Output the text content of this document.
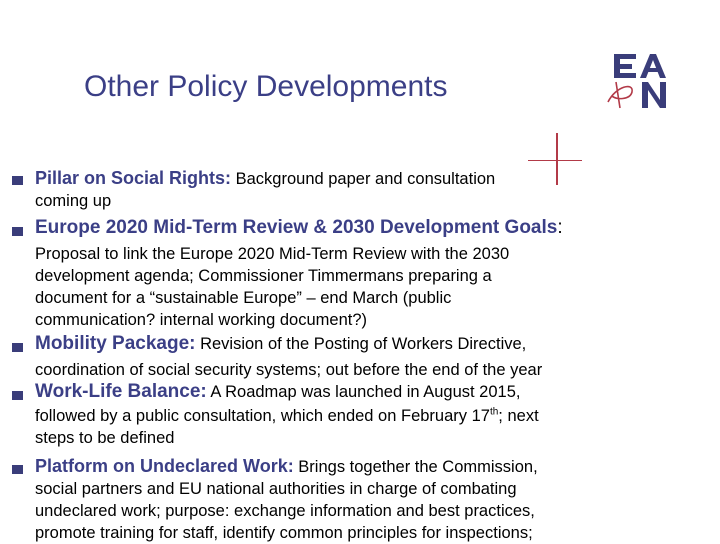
Other Policy Developments
Pillar on Social Rights: Background paper and consultation
coming up
Europe 2020 Mid-Term Review & 2030 Development Goals:
Proposal to link the Europe 2020 Mid-Term Review with the 2030
development agenda; Commissioner Timmermans preparing a
document for a “sustainable Europe” – end March (public
communication? internal working document?)
Mobility Package: Revision of the Posting of Workers Directive,
coordination of social security systems; out before the end of the year
Work-Life Balance: A Roadmap was launched in August 2015,
followed by a public consultation, which ended on February 17th; next
steps to be defined
Platform on Undeclared Work: Brings together the Commission,
social partners and EU national authorities in charge of combating
undeclared work; purpose: exchange information and best practices,
promote training for staff, identify common principles for inspections;
